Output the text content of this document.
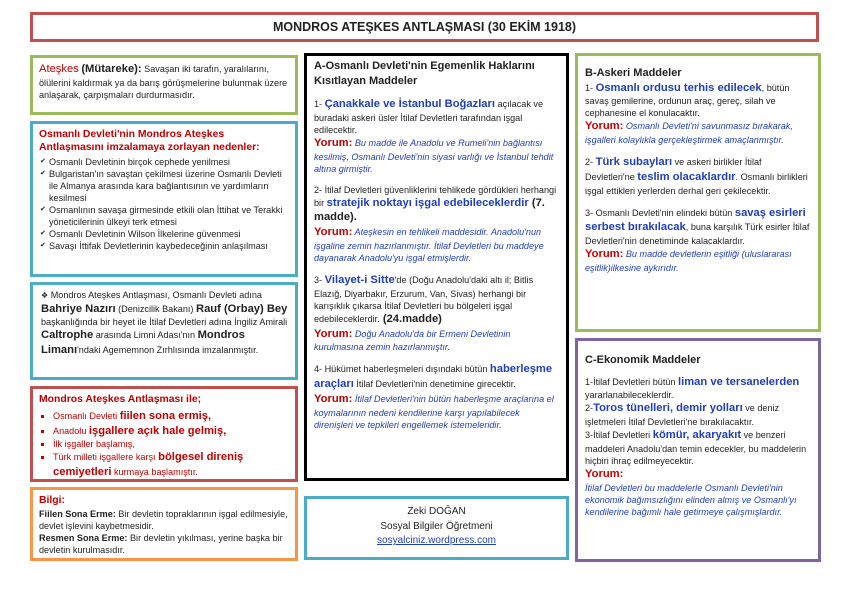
MONDROS ATEŞKES ANTLAŞMASI (30 EKİM 1918)

Ateşkes (Mütareke): Savaşan iki tarafın, yaralılarını, ölülerini kaldırmak ya da barış görüşmelerine bulunmak üzere anlaşarak, çarpışmaları durdurmasıdır.

Osmanlı Devleti'nin Mondros Ateşkes Antlaşmasını imzalamaya zorlayan nedenler:

✔ Osmanlı Devletinin birçok cephede yenilmesi
✔ Bulgaristan'ın savaştan çekilmesi üzerine Osmanlı Devleti ile Almanya arasında kara bağlantısının ve yardımların kesilmesi
✔ Osmanlının savaşa girmesinde etkili olan İttihat ve Terakki yöneticilerinin ülkeyi terk etmesi
✔ Osmanlı Devletinin Wilson İlkelerine güvenmesi
✔ Savaşı İttifak Devletlerinin kaybedeceğinin anlaşılması

❖ Mondros Ateşkes Antlaşması, Osmanlı Devleti adına Bahriye Nazırı (Denizcilik Bakanı) Rauf (Orbay) Bey başkanlığında bir heyet ile İtilaf Devletleri adına İngiliz Amirali Caltrophe arasında Limni Adası'nın Mondros Limanı'ndaki Agememnon Zırhlısında imzalanmıştır.

Mondros Ateşkes Antlaşması ile;

▪ Osmanlı Devleti fiilen sona ermiş,
▪ Anadolu işgallere açık hale gelmiş,
▪ İlk işgaller başlamış,
▪ Türk milleti işgallere karşı bölgesel direniş cemiyetleri kurmaya başlamıştır.

Bilgi:

Fiilen Sona Erme: Bir devletin topraklarının işgal edilmesiyle, devlet işlevini kaybetmesidir.

Resmen Sona Erme: Bir devletin yıkılması, yerine başka bir devletin kurulmasıdır.

A-Osmanlı Devleti'nin Egemenlik Haklarını Kısıtlayan Maddeler

1- Çanakkale ve İstanbul Boğazları açılacak ve buradaki askeri üsler İtilaf Devletleri tarafından işgal edilecektir.

Yorum: Bu madde ile Anadolu ve Rumeli'nin bağlantısı kesilmiş, Osmanlı Devleti'nin siyasi varlığı ve İstanbul tehdit altına girmiştir.

2- İtilaf Devletleri güvenliklerini tehlikede gördükleri herhangi bir stratejik noktayı işgal edebileceklerdir (7. madde).

Yorum: Ateşkesin en tehlikeli maddesidir. Anadolu'nun işgaline zemin hazırlanmıştır. İtilaf Devletleri bu maddeye dayanarak Anadolu'yu işgal etmişlerdir.

3- Vilayet-i Sitte'de (Doğu Anadolu'daki altı il; Bitlis Elazığ, Diyarbakır, Erzurum, Van, Sivas) herhangi bir karışıklık çıkarsa İtilaf Devletleri bu bölgeleri işgal edebileceklerdir. (24.madde)

Yorum: Doğu Anadolu'da bir Ermeni Devletinin kurulmasına zemin hazırlanmıştır.

4- Hükümet haberleşmeleri dışındaki bütün haberleşme araçları İtilaf Devletleri'nin denetimine girecektir.

Yorum: İtilaf Devletleri'nin bütün haberleşme araçlarına el koymalarının nedeni kendilerine karşı yapılabilecek direnişleri ve tepkileri engellemek istemeleridir.

Zeki DOĞAN

Sosyal Bilgiler Öğretmeni

sosyalciniz.wordpress.com

B-Askeri Maddeler

1- Osmanlı ordusu terhis edilecek, bütün savaş gemilerine, ordunun araç, gereç, silah ve cephanesine el konulacaktır.

Yorum: Osmanlı Devleti'ni savunmasız bırakarak, işgalleri kolaylıkla gerçekleştirmek amaçlanmıştır.

2- Türk subayları ve askeri birlikler İtilaf Devletleri'ne teslim olacaklardır. Osmanlı birlikleri işgal ettikleri yerlerden derhal geri çekilecektir.

3- Osmanlı Devleti'nin elindeki bütün savaş esirleri serbest bırakılacak, buna karşılık Türk esirler İtilaf Devletleri'nin denetiminde kalacaklardır.

Yorum: Bu madde devletlerin eşitliği (uluslararası eşitlik)ilkesine aykırıdır.

C-Ekonomik Maddeler

1-İtilaf Devletleri bütün liman ve tersanelerden yararlanabileceklerdir.

2-Toros tünelleri, demir yolları ve deniz işletmeleri İtilaf Devletleri'ne bırakılacaktır.

3-İtilaf Devletleri kömür, akaryakıt ve benzeri maddeleri Anadolu'dan temin edecekler, bu maddelerin hiçbiri ihraç edilmeyecektir.

Yorum:

İtilaf Devletleri bu maddelerle Osmanlı Devleti'nin ekonomik bağımsızlığını elinden almış ve Osmanlı'yı kendilerine bağımlı hale getirmeye çalışmışlardır.
